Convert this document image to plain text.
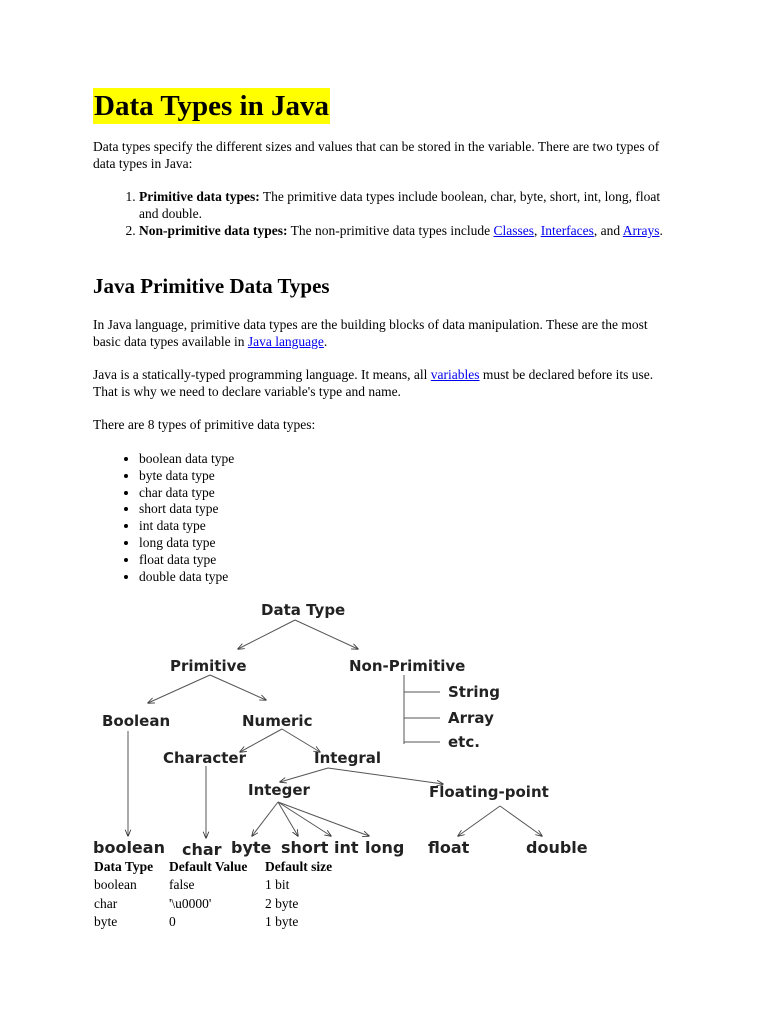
Data Types in Java

Data types specify the different sizes and values that can be stored in the variable. There are two types of data types in Java:

1. Primitive data types: The primitive data types include boolean, char, byte, short, int, long, float and double.
2. Non-primitive data types: The non-primitive data types include Classes, Interfaces, and Arrays.
Java Primitive Data Types

In Java language, primitive data types are the building blocks of data manipulation. These are the most basic data types available in Java language.

Java is a statically-typed programming language. It means, all variables must be declared before its use. That is why we need to declare variable's type and name.

There are 8 types of primitive data types:

• boolean data type
• byte data type
• char data type
• short data type
• int data type
• long data type
• float data type
• double data type
Data Type
Primitive	Non-Primitive
String
Array
etc.
Boolean	Numeric
Character	Integral
Integer	Floating-point
boolean char byte short int long float	double
Data Type	Default Value	Default size
boolean	false	1 bit
char	'\u0000'	2 byte
byte	0	1 byte
